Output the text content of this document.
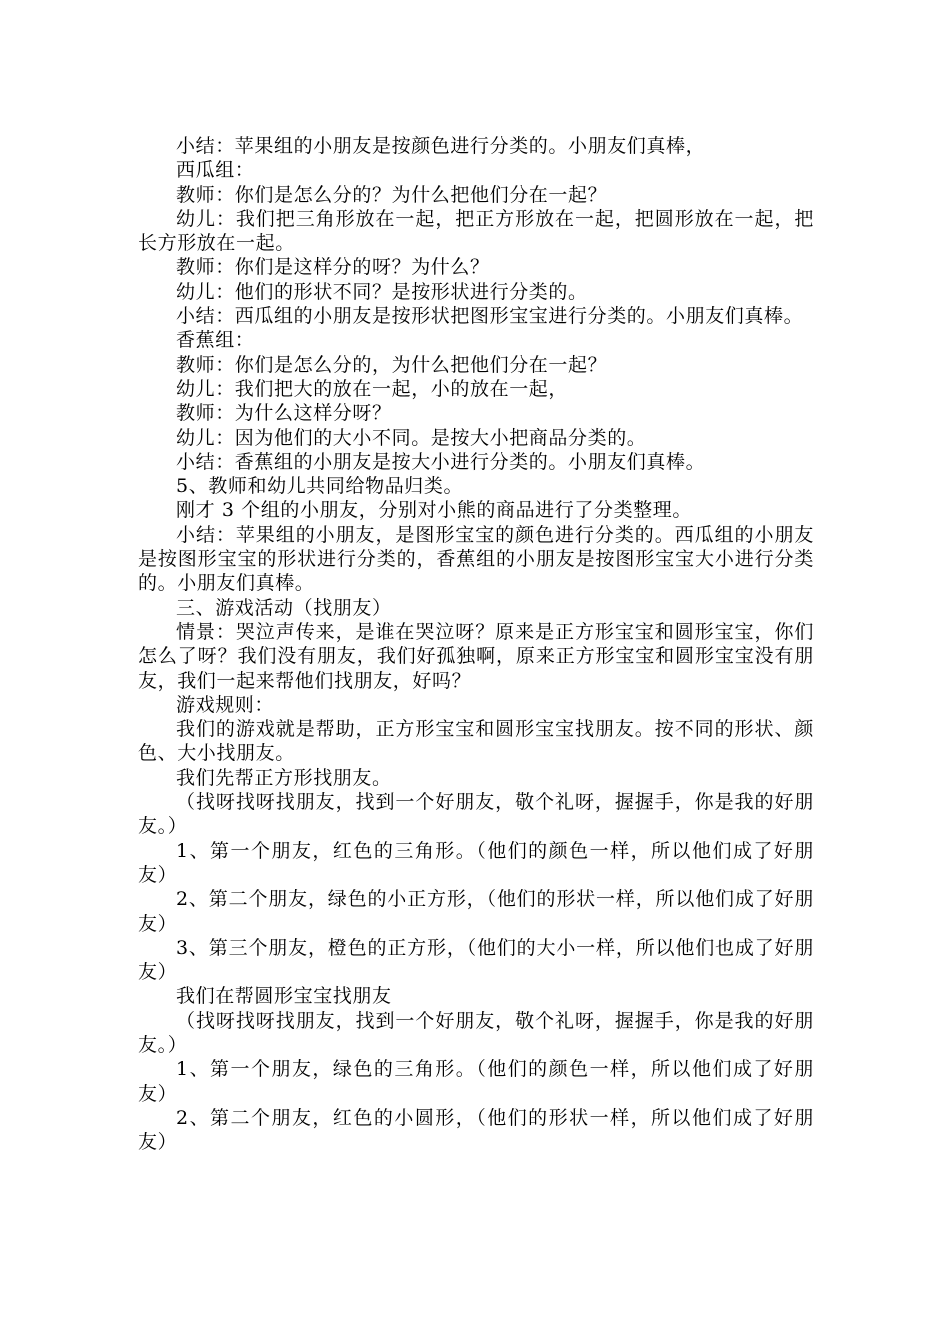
小结：苹果组的小朋友是按颜色进行分类的。小朋友们真棒，

西瓜组：

教师：你们是怎么分的？为什么把他们分在一起？

幼儿：我们把三角形放在一起，把正方形放在一起，把圆形放在一起，把长方形放在一起。

教师：你们是这样分的呀？为什么？

幼儿：他们的形状不同？是按形状进行分类的。

小结：西瓜组的小朋友是按形状把图形宝宝进行分类的。小朋友们真棒。

香蕉组：

教师：你们是怎么分的，为什么把他们分在一起？

幼儿：我们把大的放在一起，小的放在一起，

教师：为什么这样分呀？

幼儿：因为他们的大小不同。是按大小把商品分类的。

小结：香蕉组的小朋友是按大小进行分类的。小朋友们真棒。

5、教师和幼儿共同给物品归类。

刚才 3 个组的小朋友，分别对小熊的商品进行了分类整理。

小结：苹果组的小朋友，是图形宝宝的颜色进行分类的。西瓜组的小朋友是按图形宝宝的形状进行分类的，香蕉组的小朋友是按图形宝宝大小进行分类的。小朋友们真棒。

三、游戏活动（找朋友）

情景：哭泣声传来，是谁在哭泣呀？原来是正方形宝宝和圆形宝宝，你们怎么了呀？我们没有朋友，我们好孤独啊，原来正方形宝宝和圆形宝宝没有朋友，我们一起来帮他们找朋友，好吗？

游戏规则：

我们的游戏就是帮助，正方形宝宝和圆形宝宝找朋友。按不同的形状、颜色、大小找朋友。

我们先帮正方形找朋友。

（找呀找呀找朋友，找到一个好朋友，敬个礼呀，握握手，你是我的好朋友。）

1、第一个朋友，红色的三角形。（他们的颜色一样，所以他们成了好朋友）

2、第二个朋友，绿色的小正方形，（他们的形状一样，所以他们成了好朋友）

3、第三个朋友，橙色的正方形，（他们的大小一样，所以他们也成了好朋友）

我们在帮圆形宝宝找朋友

（找呀找呀找朋友，找到一个好朋友，敬个礼呀，握握手，你是我的好朋友。）

1、第一个朋友，绿色的三角形。（他们的颜色一样，所以他们成了好朋友）

2、第二个朋友，红色的小圆形，（他们的形状一样，所以他们成了好朋友）
